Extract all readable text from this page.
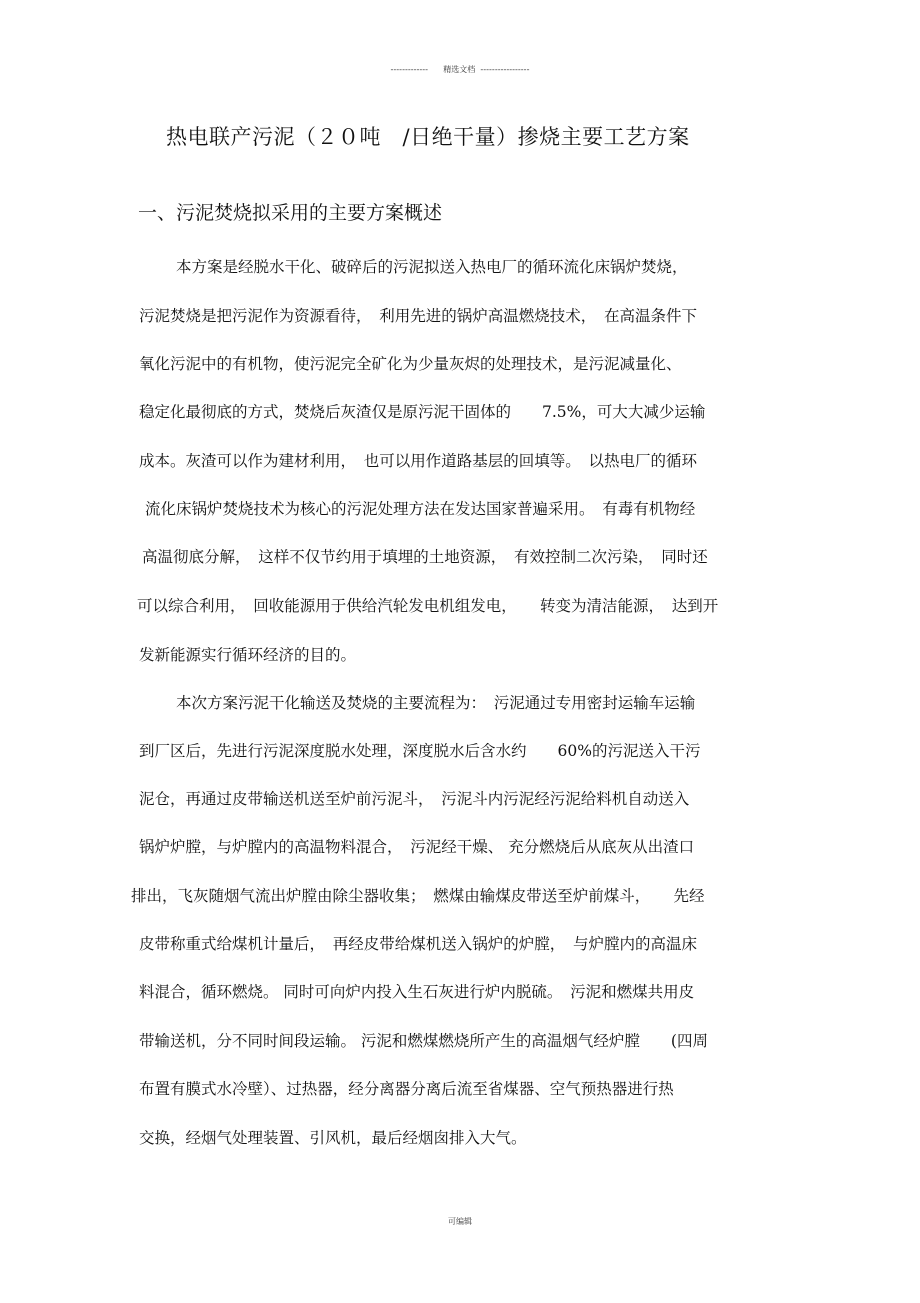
-------------      精选文档  -----------------
热电联产污泥（２０吨　/日绝干量）掺烧主要工艺方案
一、污泥焚烧拟采用的主要方案概述
本方案是经脱水干化、破碎后的污泥拟送入热电厂的循环流化床锅炉焚烧，
污泥焚烧是把污泥作为资源看待，　利用先进的锅炉高温燃烧技术，　在高温条件下
氧化污泥中的有机物，使污泥完全矿化为少量灰烬的处理技术，是污泥减量化、
稳定化最彻底的方式，焚烧后灰渣仅是原污泥干固体的　　7.5%，可大大减少运输
成本。灰渣可以作为建材利用，　也可以用作道路基层的回填等。　以热电厂的循环
流化床锅炉焚烧技术为核心的污泥处理方法在发达国家普遍采用。　有毒有机物经
高温彻底分解，　这样不仅节约用于填埋的土地资源，　有效控制二次污染，　同时还
可以综合利用，　回收能源用于供给汽轮发电机组发电，　　转变为清洁能源，　达到开
发新能源实行循环经济的目的。
本次方案污泥干化输送及焚烧的主要流程为：　污泥通过专用密封运输车运输
到厂区后，先进行污泥深度脱水处理，深度脱水后含水约　　60%的污泥送入干污
泥仓，再通过皮带输送机送至炉前污泥斗，　污泥斗内污泥经污泥给料机自动送入
锅炉炉膛，与炉膛内的高温物料混合，　污泥经干燥、 充分燃烧后从底灰从出渣口
排出，飞灰随烟气流出炉膛由除尘器收集；　燃煤由输煤皮带送至炉前煤斗，　　先经
皮带称重式给煤机计量后，　再经皮带给煤机送入锅炉的炉膛，　与炉膛内的高温床
料混合，循环燃烧。 同时可向炉内投入生石灰进行炉内脱硫。　污泥和燃煤共用皮
带输送机，分不同时间段运输。 污泥和燃煤燃烧所产生的高温烟气经炉膛　　(四周
布置有膜式水冷壁）、过热器，经分离器分离后流至省煤器、空气预热器进行热
交换，经烟气处理装置、引风机，最后经烟囱排入大气。
可编辑
